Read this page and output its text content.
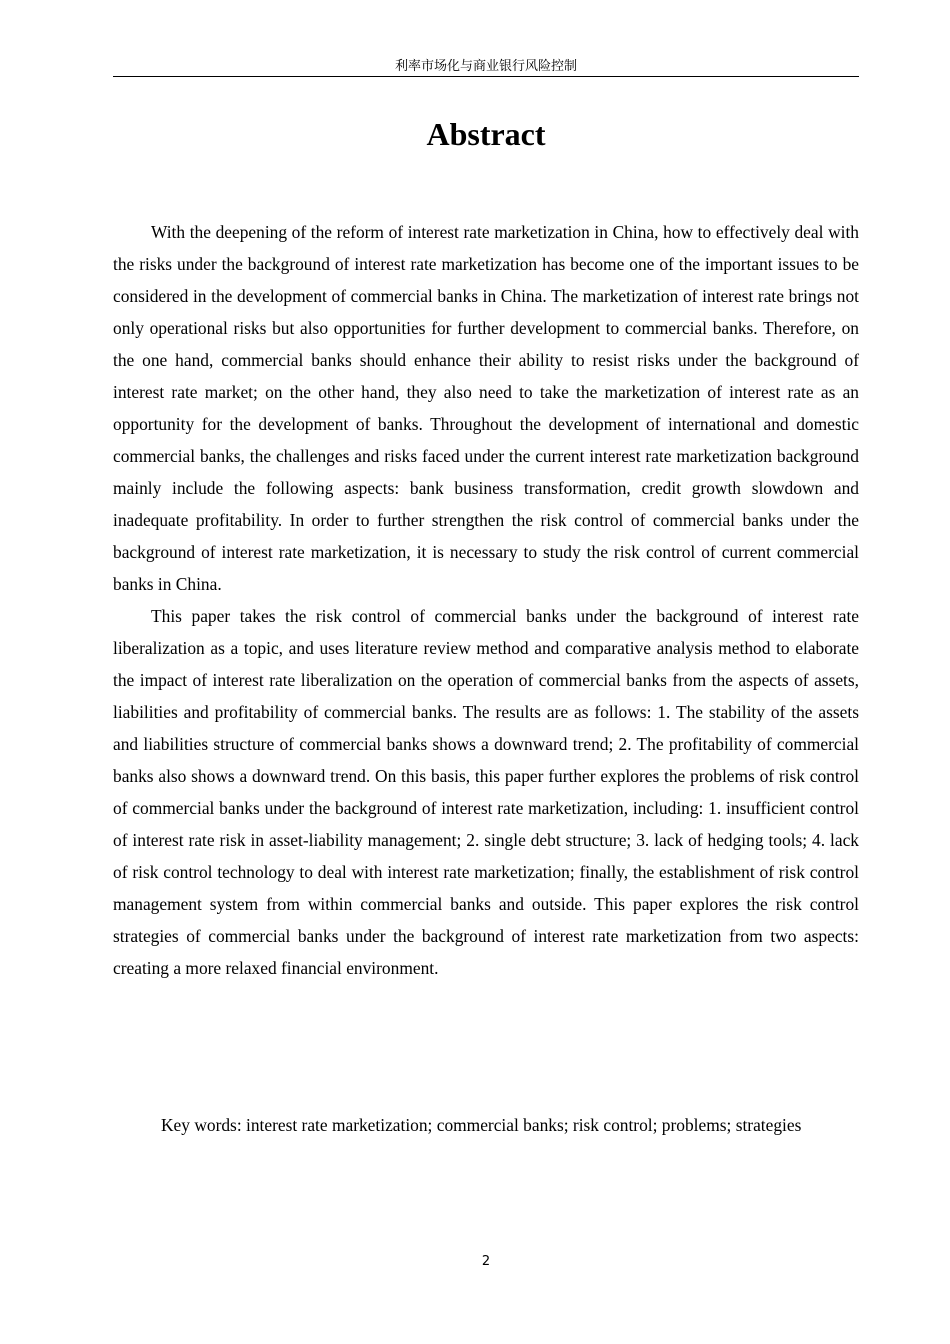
利率市场化与商业银行风险控制
Abstract

With the deepening of the reform of interest rate marketization in China, how to effectively deal with the risks under the background of interest rate marketization has become one of the important issues to be considered in the development of commercial banks in China. The marketization of interest rate brings not only operational risks but also opportunities for further development to commercial banks. Therefore, on the one hand, commercial banks should enhance their ability to resist risks under the background of interest rate market; on the other hand, they also need to take the marketization of interest rate as an opportunity for the development of banks. Throughout the development of international and domestic commercial banks, the challenges and risks faced under the current interest rate marketization background mainly include the following aspects: bank business transformation, credit growth slowdown and inadequate profitability. In order to further strengthen the risk control of commercial banks under the background of interest rate marketization, it is necessary to study the risk control of current commercial banks in China.

This paper takes the risk control of commercial banks under the background of interest rate liberalization as a topic, and uses literature review method and comparative analysis method to elaborate the impact of interest rate liberalization on the operation of commercial banks from the aspects of assets, liabilities and profitability of commercial banks. The results are as follows: 1. The stability of the assets and liabilities structure of commercial banks shows a downward trend; 2. The profitability of commercial banks also shows a downward trend. On this basis, this paper further explores the problems of risk control of commercial banks under the background of interest rate marketization, including: 1. insufficient control of interest rate risk in asset-liability management; 2. single debt structure; 3. lack of hedging tools; 4. lack of risk control technology to deal with interest rate marketization; finally, the establishment of risk control management system from within commercial banks and outside. This paper explores the risk control strategies of commercial banks under the background of interest rate marketization from two aspects: creating a more relaxed financial environment.

Key words: interest rate marketization; commercial banks; risk control; problems; strategies

2
